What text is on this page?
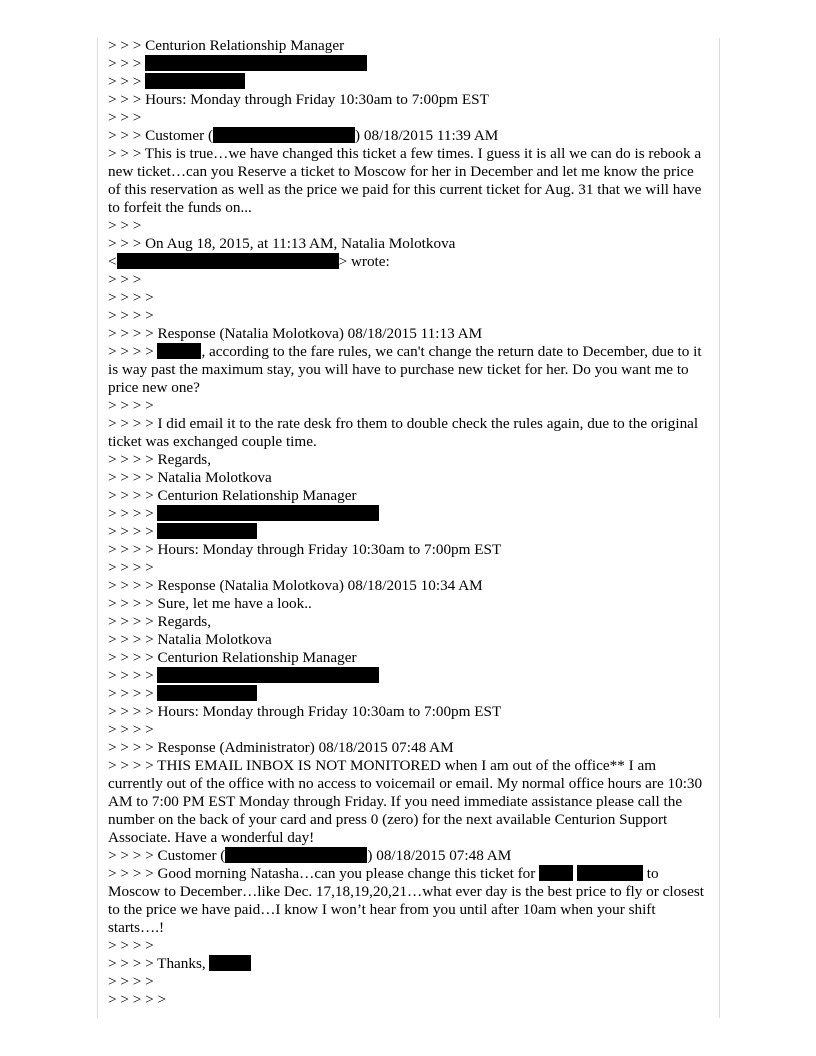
> > > Centurion Relationship Manager
> > >
> > >
> > > Hours: Monday through Friday 10:30am to 7:00pm EST
> > >
> > > Customer (	) 08/18/2015 11:39 AM
> > > This is true…we have changed this ticket a few times. I guess it is all we can do is rebook a new ticket…can you Reserve a ticket to Moscow for her in December and let me know the price of this reservation as well as the price we paid for this current ticket for Aug. 31 that we will have to forfeit the funds on...
> > >
> > > On Aug 18, 2015, at 11:13 AM, Natalia Molotkova
<	> wrote:
> > >
> > > >
> > > >
> > > > Response (Natalia Molotkova) 08/18/2015 11:13 AM
> > > >	, according to the fare rules, we can't change the return date to December, due to it is way past the maximum stay, you will have to purchase new ticket for her. Do you want me to price new one?
> > > >
> > > > I did email it to the rate desk fro them to double check the rules again, due to the original ticket was exchanged couple time.
> > > > Regards,
> > > > Natalia Molotkova
> > > > Centurion Relationship Manager
> > > >
> > > >
> > > > Hours: Monday through Friday 10:30am to 7:00pm EST
> > > >
> > > > Response (Natalia Molotkova) 08/18/2015 10:34 AM
> > > > Sure, let me have a look..
> > > > Regards,
> > > > Natalia Molotkova
> > > > Centurion Relationship Manager
> > > >
> > > >
> > > > Hours: Monday through Friday 10:30am to 7:00pm EST
> > > >
> > > > Response (Administrator) 08/18/2015 07:48 AM
> > > > THIS EMAIL INBOX IS NOT MONITORED when I am out of the office** I am currently out of the office with no access to voicemail or email. My normal office hours are 10:30 AM to 7:00 PM EST Monday through Friday. If you need immediate assistance please call the number on the back of your card and press 0 (zero) for the next available Centurion Support Associate. Have a wonderful day!
> > > > Customer (	) 08/18/2015 07:48 AM
> > > > Good morning Natasha…can you please change this ticket for	to Moscow to December…like Dec. 17,18,19,20,21…what ever day is the best price to fly or closest to the price we have paid…I know I won’t hear from you until after 10am when your shift starts….!
> > > >
> > > > Thanks,
> > > >
> > > > >
